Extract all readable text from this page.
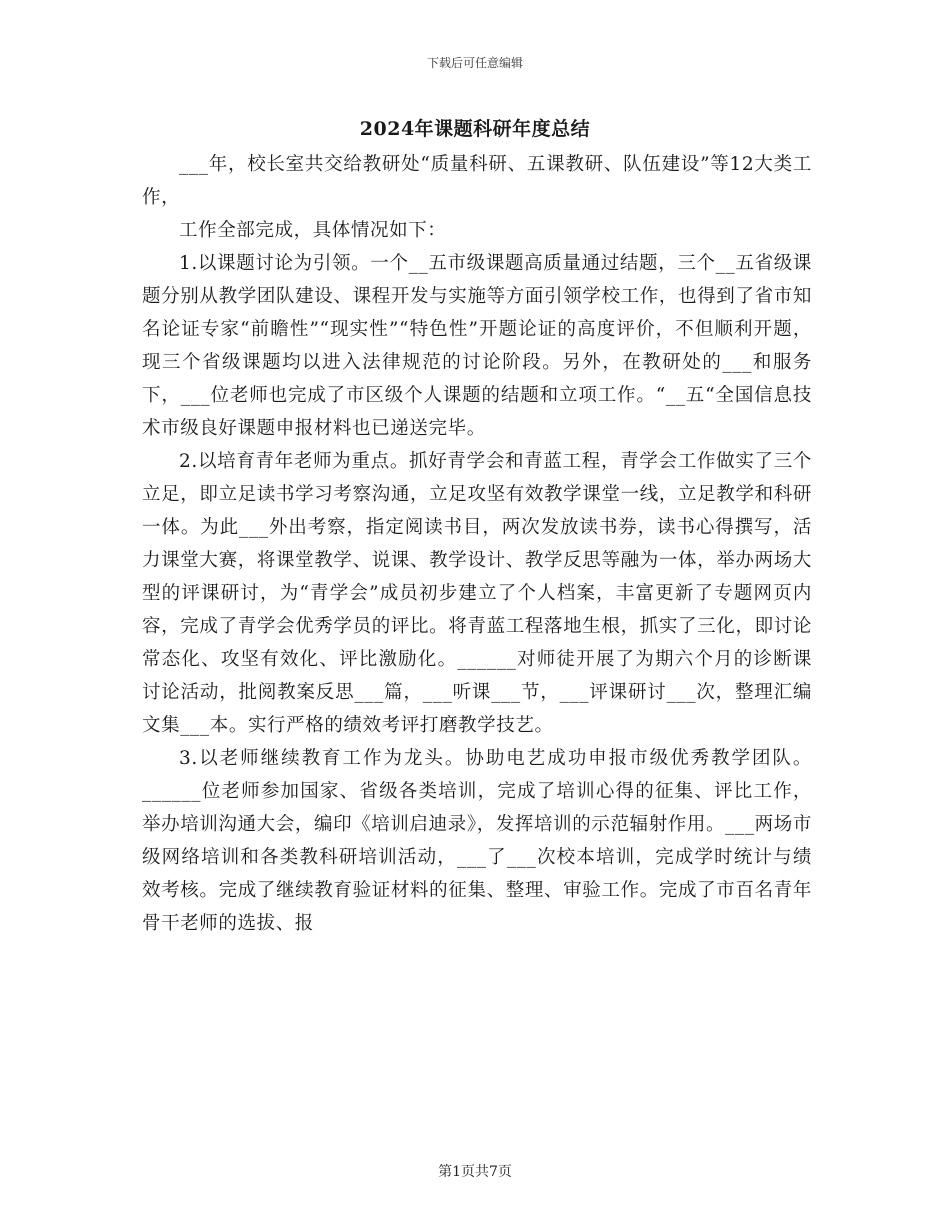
下载后可任意编辑
2024年课题科研年度总结

___年，校长室共交给教研处“质量科研、五课教研、队伍建设”等12大类工作，

工作全部完成，具体情况如下：

1.以课题讨论为引领。一个__五市级课题高质量通过结题，三个__五省级课题分别从教学团队建设、课程开发与实施等方面引领学校工作，也得到了省市知名论证专家“前瞻性”“现实性”“特色性”开题论证的高度评价，不但顺利开题，现三个省级课题均以进入法律规范的讨论阶段。另外，在教研处的___和服务下，___位老师也完成了市区级个人课题的结题和立项工作。“__五“全国信息技术市级良好课题申报材料也已递送完毕。

2.以培育青年老师为重点。抓好青学会和青蓝工程，青学会工作做实了三个立足，即立足读书学习考察沟通，立足攻坚有效教学课堂一线，立足教学和科研一体。为此___外出考察，指定阅读书目，两次发放读书券，读书心得撰写，活力课堂大赛，将课堂教学、说课、教学设计、教学反思等融为一体，举办两场大型的评课研讨，为“青学会”成员初步建立了个人档案，丰富更新了专题网页内容，完成了青学会优秀学员的评比。将青蓝工程落地生根，抓实了三化，即讨论常态化、攻坚有效化、评比激励化。______对师徒开展了为期六个月的诊断课讨论活动，批阅教案反思___篇，___听课___节，___评课研讨___次，整理汇编文集___本。实行严格的绩效考评打磨教学技艺。

3.以老师继续教育工作为龙头。协助电艺成功申报市级优秀教学团队。______位老师参加国家、省级各类培训，完成了培训心得的征集、评比工作，举办培训沟通大会，编印《培训启迪录》，发挥培训的示范辐射作用。___两场市级网络培训和各类教科研培训活动，___了___次校本培训，完成学时统计与绩效考核。完成了继续教育验证材料的征集、整理、审验工作。完成了市百名青年骨干老师的选拔、报

第1页共7页
